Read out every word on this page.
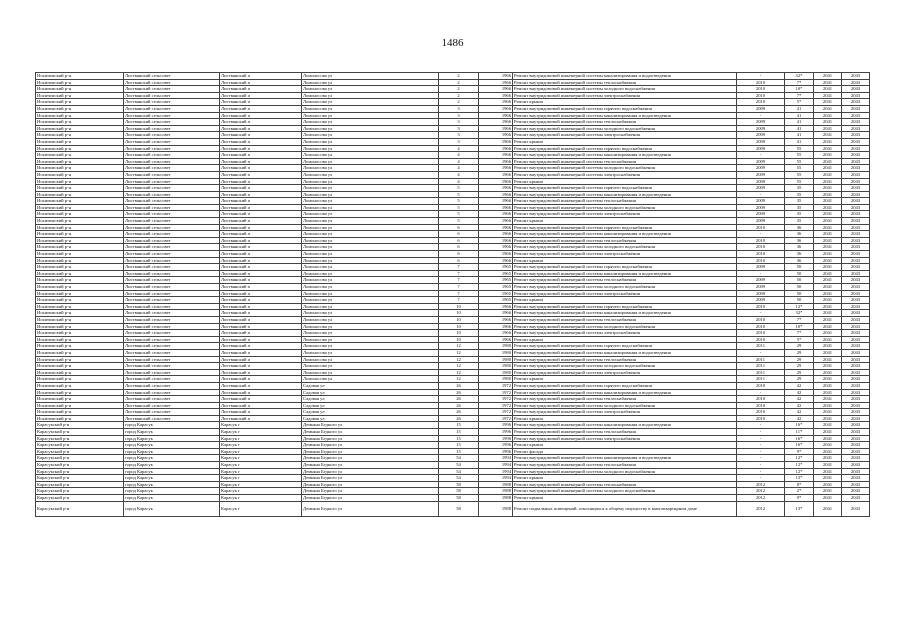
1486
Искитимский р-н	Листвянский сельсовет	Листвянский п	Ломоносова ул	2	1966	Ремонт внутридомовой инженерной системы канализирования и водоотведения	-	32*	2041	2043
Искитимский р-н	Листвянский сельсовет	Листвянский п	Ломоносова ул	2	1966	Ремонт внутридомовой инженерной системы теплоснабжения	2010	7*	2041	2043
Искитимский р-н	Листвянский сельсовет	Листвянский п	Ломоносова ул	2	1966	Ремонт внутридомовой инженерной системы холодного водоснабжения	2010	10*	2041	2043
Искитимский р-н	Листвянский сельсовет	Листвянский п	Ломоносова ул	2	1966	Ремонт внутридомовой инженерной системы электроснабжения	2010	7*	2041	2043
Искитимский р-н	Листвянский сельсовет	Листвянский п	Ломоносова ул	2	1966	Ремонт крыши	2010	5*	2041	2043
Искитимский р-н	Листвянский сельсовет	Листвянский п	Ломоносова ул	3	1966	Ремонт внутридомовой инженерной системы горячего водоснабжения	2009	41	2041	2043
Искитимский р-н	Листвянский сельсовет	Листвянский п	Ломоносова ул	3	1966	Ремонт внутридомовой инженерной системы канализирования и водоотведения	-	41	2041	2043
Искитимский р-н	Листвянский сельсовет	Листвянский п	Ломоносова ул	3	1966	Ремонт внутридомовой инженерной системы теплоснабжения	2009	41	2041	2043
Искитимский р-н	Листвянский сельсовет	Листвянский п	Ломоносова ул	3	1966	Ремонт внутридомовой инженерной системы холодного водоснабжения	2009	41	2041	2043
Искитимский р-н	Листвянский сельсовет	Листвянский п	Ломоносова ул	3	1966	Ремонт внутридомовой инженерной системы электроснабжения	2009	41	2041	2043
Искитимский р-н	Листвянский сельсовет	Листвянский п	Ломоносова ул	3	1966	Ремонт крыши	2009	41	2041	2043
Искитимский р-н	Листвянский сельсовет	Листвянский п	Ломоносова ул	4	1966	Ремонт внутридомовой инженерной системы горячего водоснабжения	2009	55	2041	2043
Искитимский р-н	Листвянский сельсовет	Листвянский п	Ломоносова ул	4	1966	Ремонт внутридомовой инженерной системы канализирования и водоотведения	-	55	2041	2043
Искитимский р-н	Листвянский сельсовет	Листвянский п	Ломоносова ул	4	1966	Ремонт внутридомовой инженерной системы теплоснабжения	2009	55	2041	2043
Искитимский р-н	Листвянский сельсовет	Листвянский п	Ломоносова ул	4	1966	Ремонт внутридомовой инженерной системы холодного водоснабжения	2009	55	2041	2043
Искитимский р-н	Листвянский сельсовет	Листвянский п	Ломоносова ул	4	1966	Ремонт внутридомовой инженерной системы электроснабжения	2009	55	2041	2043
Искитимский р-н	Листвянский сельсовет	Листвянский п	Ломоносова ул	4	1966	Ремонт крыши	2009	55	2041	2043
Искитимский р-н	Листвянский сельсовет	Листвянский п	Ломоносова ул	5	1966	Ремонт внутридомовой инженерной системы горячего водоснабжения	2009	35	2041	2043
Искитимский р-н	Листвянский сельсовет	Листвянский п	Ломоносова ул	5	1966	Ремонт внутридомовой инженерной системы канализирования и водоотведения	-	35	2041	2043
Искитимский р-н	Листвянский сельсовет	Листвянский п	Ломоносова ул	5	1966	Ремонт внутридомовой инженерной системы теплоснабжения	2009	35	2041	2043
Искитимский р-н	Листвянский сельсовет	Листвянский п	Ломоносова ул	5	1966	Ремонт внутридомовой инженерной системы холодного водоснабжения	2009	35	2041	2043
Искитимский р-н	Листвянский сельсовет	Листвянский п	Ломоносова ул	5	1966	Ремонт внутридомовой инженерной системы электроснабжения	2009	35	2041	2043
Искитимский р-н	Листвянский сельсовет	Листвянский п	Ломоносова ул	5	1966	Ремонт крыши	2009	35	2041	2043
Искитимский р-н	Листвянский сельсовет	Листвянский п	Ломоносова ул	6	1966	Ремонт внутридомовой инженерной системы горячего водоснабжения	2010	36	2041	2043
Искитимский р-н	Листвянский сельсовет	Листвянский п	Ломоносова ул	6	1966	Ремонт внутридомовой инженерной системы канализирования и водоотведения	-	36	2041	2043
Искитимский р-н	Листвянский сельсовет	Листвянский п	Ломоносова ул	6	1966	Ремонт внутридомовой инженерной системы теплоснабжения	2010	36	2041	2043
Искитимский р-н	Листвянский сельсовет	Листвянский п	Ломоносова ул	6	1966	Ремонт внутридомовой инженерной системы холодного водоснабжения	2010	36	2041	2043
Искитимский р-н	Листвянский сельсовет	Листвянский п	Ломоносова ул	6	1966	Ремонт внутридомовой инженерной системы электроснабжения	2010	36	2041	2043
Искитимский р-н	Листвянский сельсовет	Листвянский п	Ломоносова ул	6	1966	Ремонт крыши	2010	36	2041	2043
Искитимский р-н	Листвянский сельсовет	Листвянский п	Ломоносова ул	7	1965	Ремонт внутридомовой инженерной системы горячего водоснабжения	2009	50	2041	2043
Искитимский р-н	Листвянский сельсовет	Листвянский п	Ломоносова ул	7	1965	Ремонт внутридомовой инженерной системы канализирования и водоотведения	-	50	2041	2043
Искитимский р-н	Листвянский сельсовет	Листвянский п	Ломоносова ул	7	1965	Ремонт внутридомовой инженерной системы теплоснабжения	2009	50	2041	2043
Искитимский р-н	Листвянский сельсовет	Листвянский п	Ломоносова ул	7	1965	Ремонт внутридомовой инженерной системы холодного водоснабжения	2009	50	2041	2043
Искитимский р-н	Листвянский сельсовет	Листвянский п	Ломоносова ул	7	1965	Ремонт внутридомовой инженерной системы электроснабжения	2009	50	2041	2043
Искитимский р-н	Листвянский сельсовет	Листвянский п	Ломоносова ул	7	1965	Ремонт крыши	2009	50	2041	2043
Искитимский р-н	Листвянский сельсовет	Листвянский п	Ломоносова ул	10	1966	Ремонт внутридомовой инженерной системы горячего водоснабжения	2010	12*	2041	2043
Искитимский р-н	Листвянский сельсовет	Листвянский п	Ломоносова ул	10	1966	Ремонт внутридомовой инженерной системы канализирования и водоотведения	-	32*	2041	2043
Искитимский р-н	Листвянский сельсовет	Листвянский п	Ломоносова ул	10	1966	Ремонт внутридомовой инженерной системы теплоснабжения	2010	7*	2041	2043
Искитимский р-н	Листвянский сельсовет	Листвянский п	Ломоносова ул	10	1966	Ремонт внутридомовой инженерной системы холодного водоснабжения	2010	10*	2041	2043
Искитимский р-н	Листвянский сельсовет	Листвянский п	Ломоносова ул	10	1966	Ремонт внутридомовой инженерной системы электроснабжения	2010	7*	2041	2043
Искитимский р-н	Листвянский сельсовет	Листвянский п	Ломоносова ул	10	1966	Ремонт крыши	2010	5*	2041	2043
Искитимский р-н	Листвянский сельсовет	Листвянский п	Ломоносова ул	12	1980	Ремонт внутридомовой инженерной системы горячего водоснабжения	2011	29	2041	2043
Искитимский р-н	Листвянский сельсовет	Листвянский п	Ломоносова ул	12	1980	Ремонт внутридомовой инженерной системы канализирования и водоотведения	-	29	2041	2043
Искитимский р-н	Листвянский сельсовет	Листвянский п	Ломоносова ул	12	1980	Ремонт внутридомовой инженерной системы теплоснабжения	2011	29	2041	2043
Искитимский р-н	Листвянский сельсовет	Листвянский п	Ломоносова ул	12	1980	Ремонт внутридомовой инженерной системы холодного водоснабжения	2011	29	2041	2043
Искитимский р-н	Листвянский сельсовет	Листвянский п	Ломоносова ул	12	1980	Ремонт внутридомовой инженерной системы электроснабжения	2011	29	2041	2043
Искитимский р-н	Листвянский сельсовет	Листвянский п	Ломоносова ул	12	1980	Ремонт крыши	2011	29	2041	2043
Искитимский р-н	Листвянский сельсовет	Листвянский п	Садовая ул	26	1972	Ремонт внутридомовой инженерной системы горячего водоснабжения	2010	42	2041	2043
Искитимский р-н	Листвянский сельсовет	Листвянский п	Садовая ул	26	1972	Ремонт внутридомовой инженерной системы канализирования и водоотведения	-	42	2041	2043
Искитимский р-н	Листвянский сельсовет	Листвянский п	Садовая ул	26	1972	Ремонт внутридомовой инженерной системы теплоснабжения	2010	42	2041	2043
Искитимский р-н	Листвянский сельсовет	Листвянский п	Садовая ул	26	1972	Ремонт внутридомовой инженерной системы холодного водоснабжения	2010	42	2041	2043
Искитимский р-н	Листвянский сельсовет	Листвянский п	Садовая ул	26	1972	Ремонт внутридомовой инженерной системы электроснабжения	2010	42	2041	2043
Искитимский р-н	Листвянский сельсовет	Листвянский п	Садовая ул	26	1972	Ремонт крыши	2010	42	2041	2043
Карасукский р-н	город Карасук	Карасук г	Демьяна Бедного ул	15	1996	Ремонт внутридомовой инженерной системы канализирования и водоотведения	-	16*	2041	2043
Карасукский р-н	город Карасук	Карасук г	Демьяна Бедного ул	15	1996	Ремонт внутридомовой инженерной системы теплоснабжения	-	11*	2041	2043
Карасукский р-н	город Карасук	Карасук г	Демьяна Бедного ул	15	1996	Ремонт внутридомовой инженерной системы электроснабжения	-	16*	2041	2043
Карасукский р-н	город Карасук	Карасук г	Демьяна Бедного ул	15	1996	Ремонт крыши	-	16*	2041	2043
Карасукский р-н	город Карасук	Карасук г	Демьяна Бедного ул	15	1996	Ремонт фасада	-	9*	2041	2043
Карасукский р-н	город Карасук	Карасук г	Демьяна Бедного ул	54	1994	Ремонт внутридомовой инженерной системы канализирования и водоотведения	-	12*	2041	2043
Карасукский р-н	город Карасук	Карасук г	Демьяна Бедного ул	54	1994	Ремонт внутридомовой инженерной системы теплоснабжения	-	12*	2041	2043
Карасукский р-н	город Карасук	Карасук г	Демьяна Бедного ул	54	1994	Ремонт внутридомовой инженерной системы холодного водоснабжения	-	12*	2041	2043
Карасукский р-н	город Карасук	Карасук г	Демьяна Бедного ул	54	1994	Ремонт крыши	-	13*	2041	2043
Карасукский р-н	город Карасук	Карасук г	Демьяна Бедного ул	58	1988	Ремонт внутридомовой инженерной системы теплоснабжения	2012	8*	2041	2043
Карасукский р-н	город Карасук	Карасук г	Демьяна Бедного ул	58	1988	Ремонт внутридомовой инженерной системы холодного водоснабжения	2012	2*	2041	2043
Карасукский р-н	город Карасук	Карасук г	Демьяна Бедного ул	58	1988	Ремонт крыши	2012	9*	2041	2043
Карасукский р-н	город Карасук	Карасук г	Демьяна Бедного ул	58	1988	Ремонт подвальных помещений, относящихся к общему имуществу в многоквартирном доме	2012	13*	2041	2043
